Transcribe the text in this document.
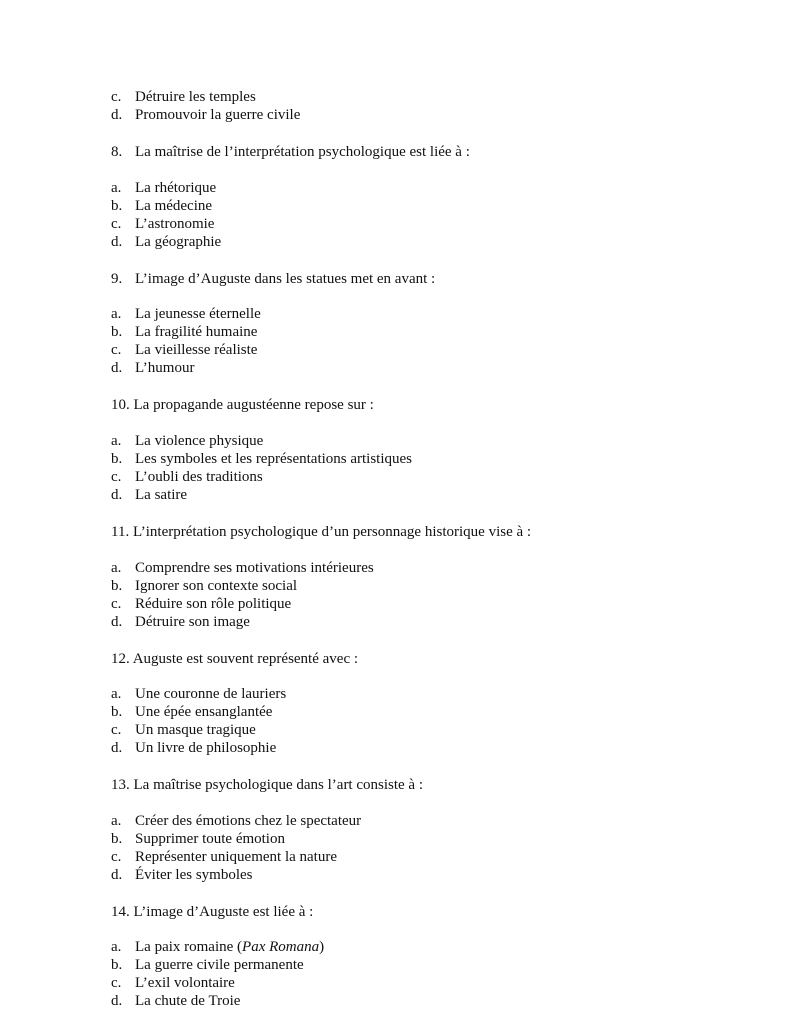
c. Détruire les temples
d. Promouvoir la guerre civile
8. La maîtrise de l’interprétation psychologique est liée à :
a. La rhétorique
b. La médecine
c. L’astronomie
d. La géographie
9. L’image d’Auguste dans les statues met en avant :
a. La jeunesse éternelle
b. La fragilité humaine
c. La vieillesse réaliste
d. L’humour
10. La propagande augustéenne repose sur :
a. La violence physique
b. Les symboles et les représentations artistiques
c. L’oubli des traditions
d. La satire
11. L’interprétation psychologique d’un personnage historique vise à :
a. Comprendre ses motivations intérieures
b. Ignorer son contexte social
c. Réduire son rôle politique
d. Détruire son image
12. Auguste est souvent représenté avec :
a. Une couronne de lauriers
b. Une épée ensanglantée
c. Un masque tragique
d. Un livre de philosophie
13. La maîtrise psychologique dans l’art consiste à :
a. Créer des émotions chez le spectateur
b. Supprimer toute émotion
c. Représenter uniquement la nature
d. Éviter les symboles
14. L’image d’Auguste est liée à :
a. La paix romaine (Pax Romana)
b. La guerre civile permanente
c. L’exil volontaire
d. La chute de Troie
